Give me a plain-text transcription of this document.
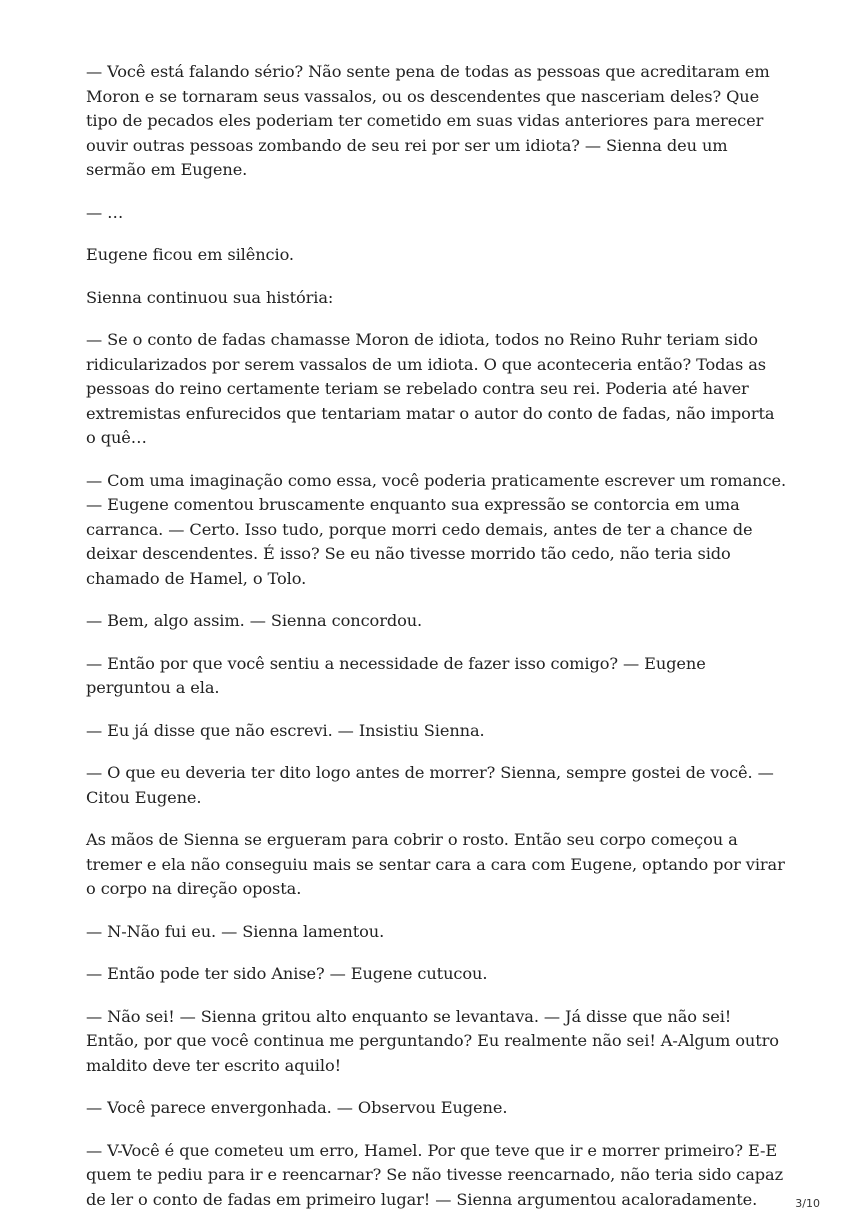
— Você está falando sério? Não sente pena de todas as pessoas que acreditaram em Moron e se tornaram seus vassalos, ou os descendentes que nasceriam deles? Que tipo de pecados eles poderiam ter cometido em suas vidas anteriores para merecer ouvir outras pessoas zombando de seu rei por ser um idiota? — Sienna deu um sermão em Eugene.

— …

Eugene ficou em silêncio.

Sienna continuou sua história:

— Se o conto de fadas chamasse Moron de idiota, todos no Reino Ruhr teriam sido ridicularizados por serem vassalos de um idiota. O que aconteceria então? Todas as pessoas do reino certamente teriam se rebelado contra seu rei. Poderia até haver extremistas enfurecidos que tentariam matar o autor do conto de fadas, não importa o quê…

— Com uma imaginação como essa, você poderia praticamente escrever um romance. — Eugene comentou bruscamente enquanto sua expressão se contorcia em uma carranca. — Certo. Isso tudo, porque morri cedo demais, antes de ter a chance de deixar descendentes. É isso? Se eu não tivesse morrido tão cedo, não teria sido chamado de Hamel, o Tolo.

— Bem, algo assim. — Sienna concordou.

— Então por que você sentiu a necessidade de fazer isso comigo? — Eugene perguntou a ela.

— Eu já disse que não escrevi. — Insistiu Sienna.

— O que eu deveria ter dito logo antes de morrer? Sienna, sempre gostei de você. — Citou Eugene.

As mãos de Sienna se ergueram para cobrir o rosto. Então seu corpo começou a tremer e ela não conseguiu mais se sentar cara a cara com Eugene, optando por virar o corpo na direção oposta.

— N-Não fui eu. — Sienna lamentou.

— Então pode ter sido Anise? — Eugene cutucou.

— Não sei! — Sienna gritou alto enquanto se levantava. — Já disse que não sei! Então, por que você continua me perguntando? Eu realmente não sei! A-Algum outro maldito deve ter escrito aquilo!

— Você parece envergonhada. — Observou Eugene.

— V-Você é que cometeu um erro, Hamel. Por que teve que ir e morrer primeiro? E-E quem te pediu para ir e reencarnar? Se não tivesse reencarnado, não teria sido capaz de ler o conto de fadas em primeiro lugar! — Sienna argumentou acaloradamente.	3/10
